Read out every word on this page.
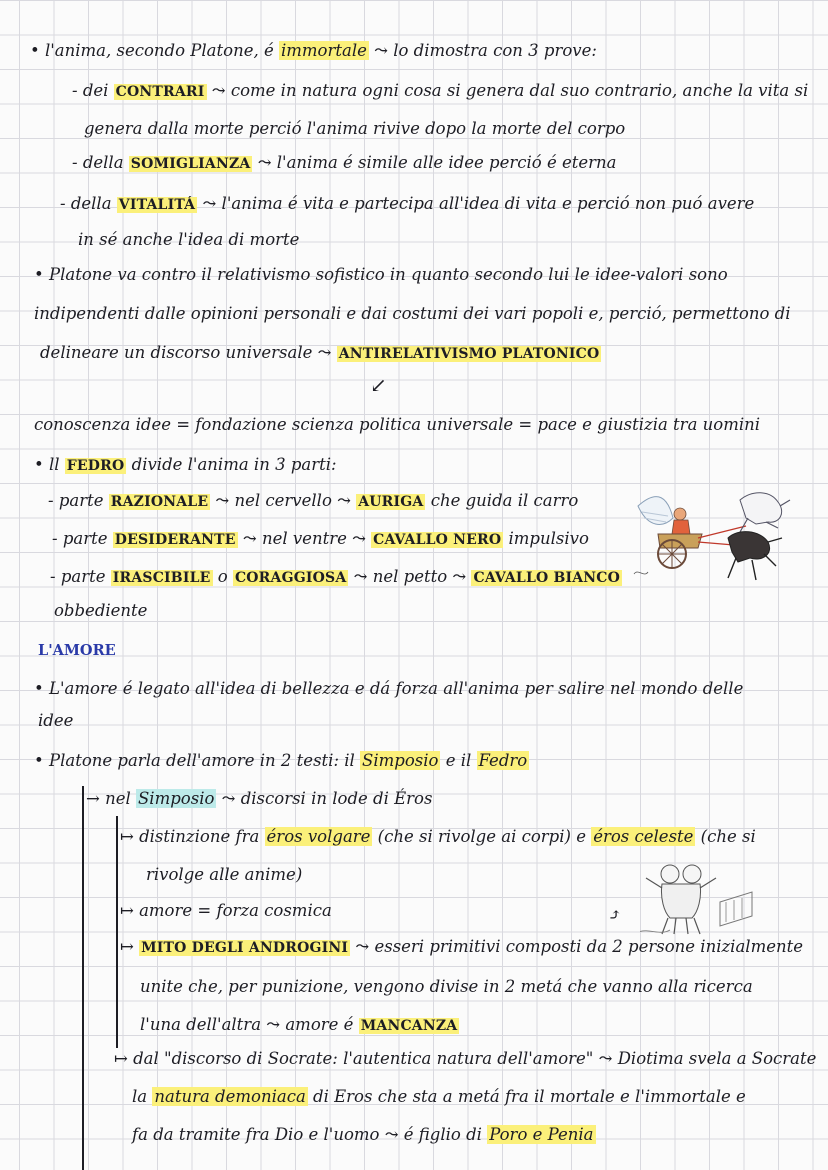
• l'anima, secondo Platone, é immortale ⤳ lo dimostra con 3 prove:
- dei CONTRARI ⤳ come in natura ogni cosa si genera dal suo contrario, anche la vita si
genera dalla morte perció l'anima rivive dopo la morte del corpo
- della SOMIGLIANZA ⤳ l'anima é simile alle idee perció é eterna
- della VITALITÁ ⤳ l'anima é vita e partecipa all'idea di vita e perció non puó avere
in sé anche l'idea di morte
• Platone va contro il relativismo sofistico in quanto secondo lui le idee-valori sono
indipendenti dalle opinioni personali e dai costumi dei vari popoli e, perció, permettono di
delineare un discorso universale ⤳ ANTIRELATIVISMO PLATONICO
↙
conoscenza idee = fondazione scienza politica universale = pace e giustizia tra uomini
• ll FEDRO divide l'anima in 3 parti:
- parte RAZIONALE ⤳ nel cervello ⤳ AURIGA che guida il carro
- parte DESIDERANTE ⤳ nel ventre ⤳ CAVALLO NERO impulsivo
- parte IRASCIBILE o CORAGGIOSA ⤳ nel petto ⤳ CAVALLO BIANCO
obbediente
L'AMORE
• L'amore é legato all'idea di bellezza e dá forza all'anima per salire nel mondo delle
idee
• Platone parla dell'amore in 2 testi: il Simposio e il Fedro
→ nel Simposio ⤳ discorsi in lode di Éros
↦ distinzione fra éros volgare (che si rivolge ai corpi) e éros celeste (che si
rivolge alle anime)
↦ amore = forza cosmica
↦ MITO DEGLI ANDROGINI ⤳ esseri primitivi composti da 2 persone inizialmente
unite che, per punizione, vengono divise in 2 metá che vanno alla ricerca
l'una dell'altra ⤳ amore é MANCANZA
↦ dal "discorso di Socrate: l'autentica natura dell'amore" ⤳ Diotima svela a Socrate
la natura demoniaca di Eros che sta a metá fra il mortale e l'immortale e
fa da tramite fra Dio e l'uomo ⤳ é figlio di Poro e Penia
⤴
